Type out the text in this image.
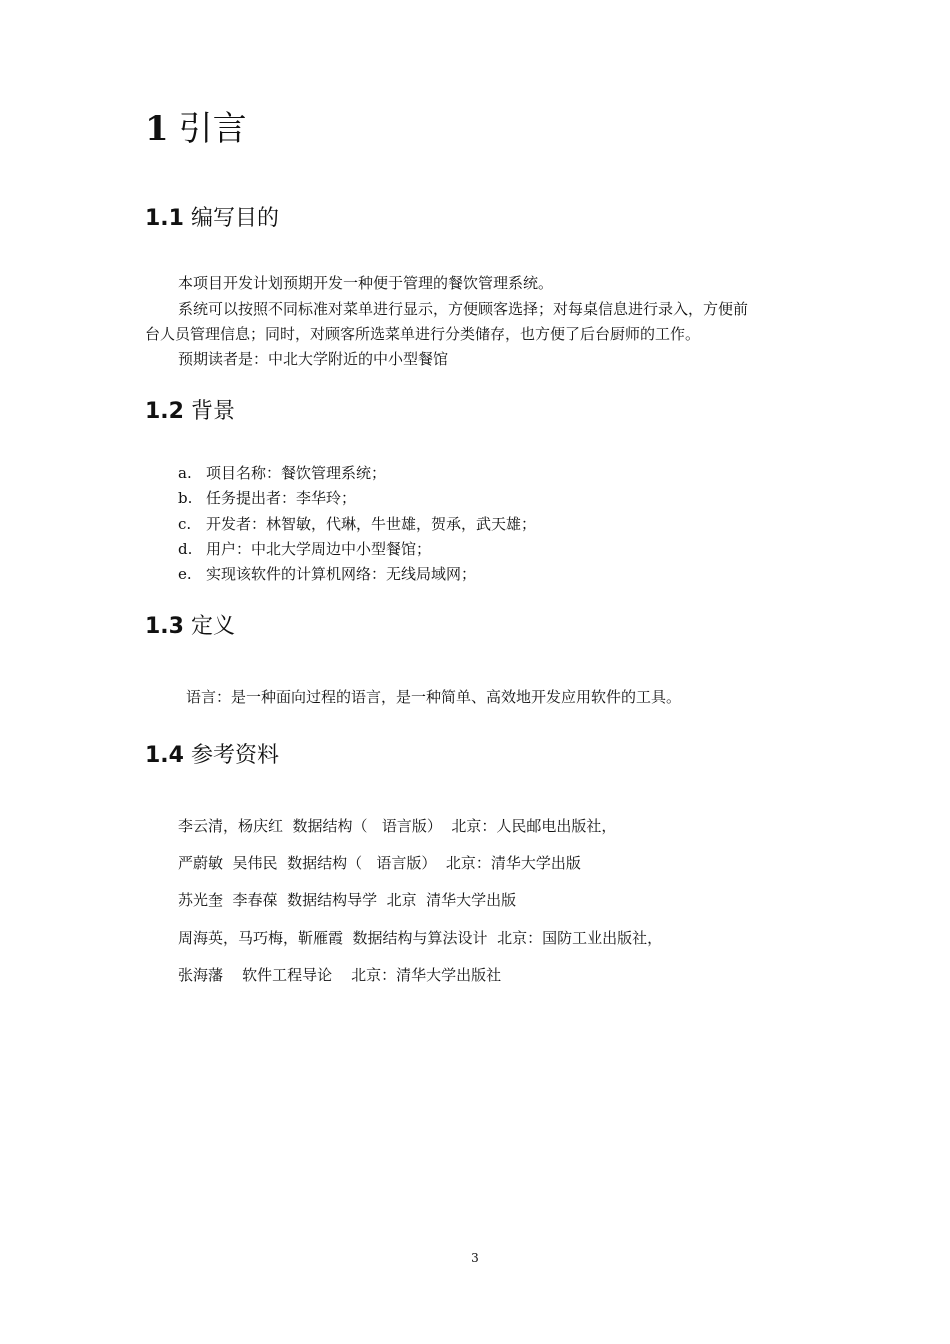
1 引言
1.1 编写目的
本项目开发计划预期开发一种便于管理的餐饮管理系统。
系统可以按照不同标准对菜单进行显示，方便顾客选择；对每桌信息进行录入，方便前
台人员管理信息；同时，对顾客所选菜单进行分类储存，也方便了后台厨师的工作。
预期读者是：中北大学附近的中小型餐馆
1.2 背景
a. 项目名称：餐饮管理系统；
b. 任务提出者：李华玲；
c. 开发者：林智敏，代琳，牛世雄，贺承，武天雄；
d. 用户：中北大学周边中小型餐馆；
e. 实现该软件的计算机网络：无线局域网；
1.3 定义
语言：是一种面向过程的语言，是一种简单、高效地开发应用软件的工具。
1.4 参考资料
李云清，杨庆红  数据结构（   语言版）  北京：人民邮电出版社，
严蔚敏  吴伟民  数据结构（   语言版）  北京：清华大学出版
苏光奎  李春葆  数据结构导学  北京  清华大学出版
周海英，马巧梅，靳雁霞  数据结构与算法设计  北京：国防工业出版社，
张海藩    软件工程导论    北京：清华大学出版社
3
